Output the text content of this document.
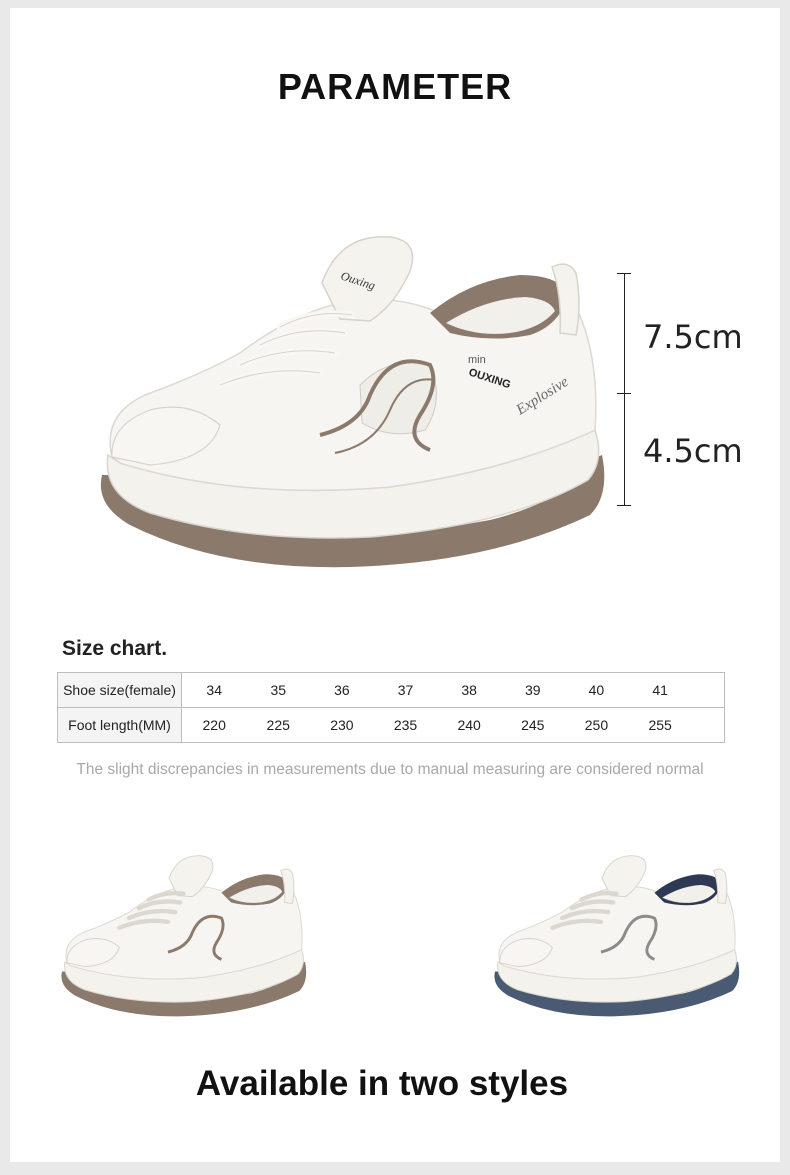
PARAMETER
Ouxing
OUXING
min
Explosive
7.5cm
4.5cm
Size chart.
Shoe size(female)	34	35	36	37	38	39	40	41	
Foot length(MM)	220	225	230	235	240	245	250	255	
The slight discrepancies in measurements due to manual measuring are considered normal
Available in two styles
